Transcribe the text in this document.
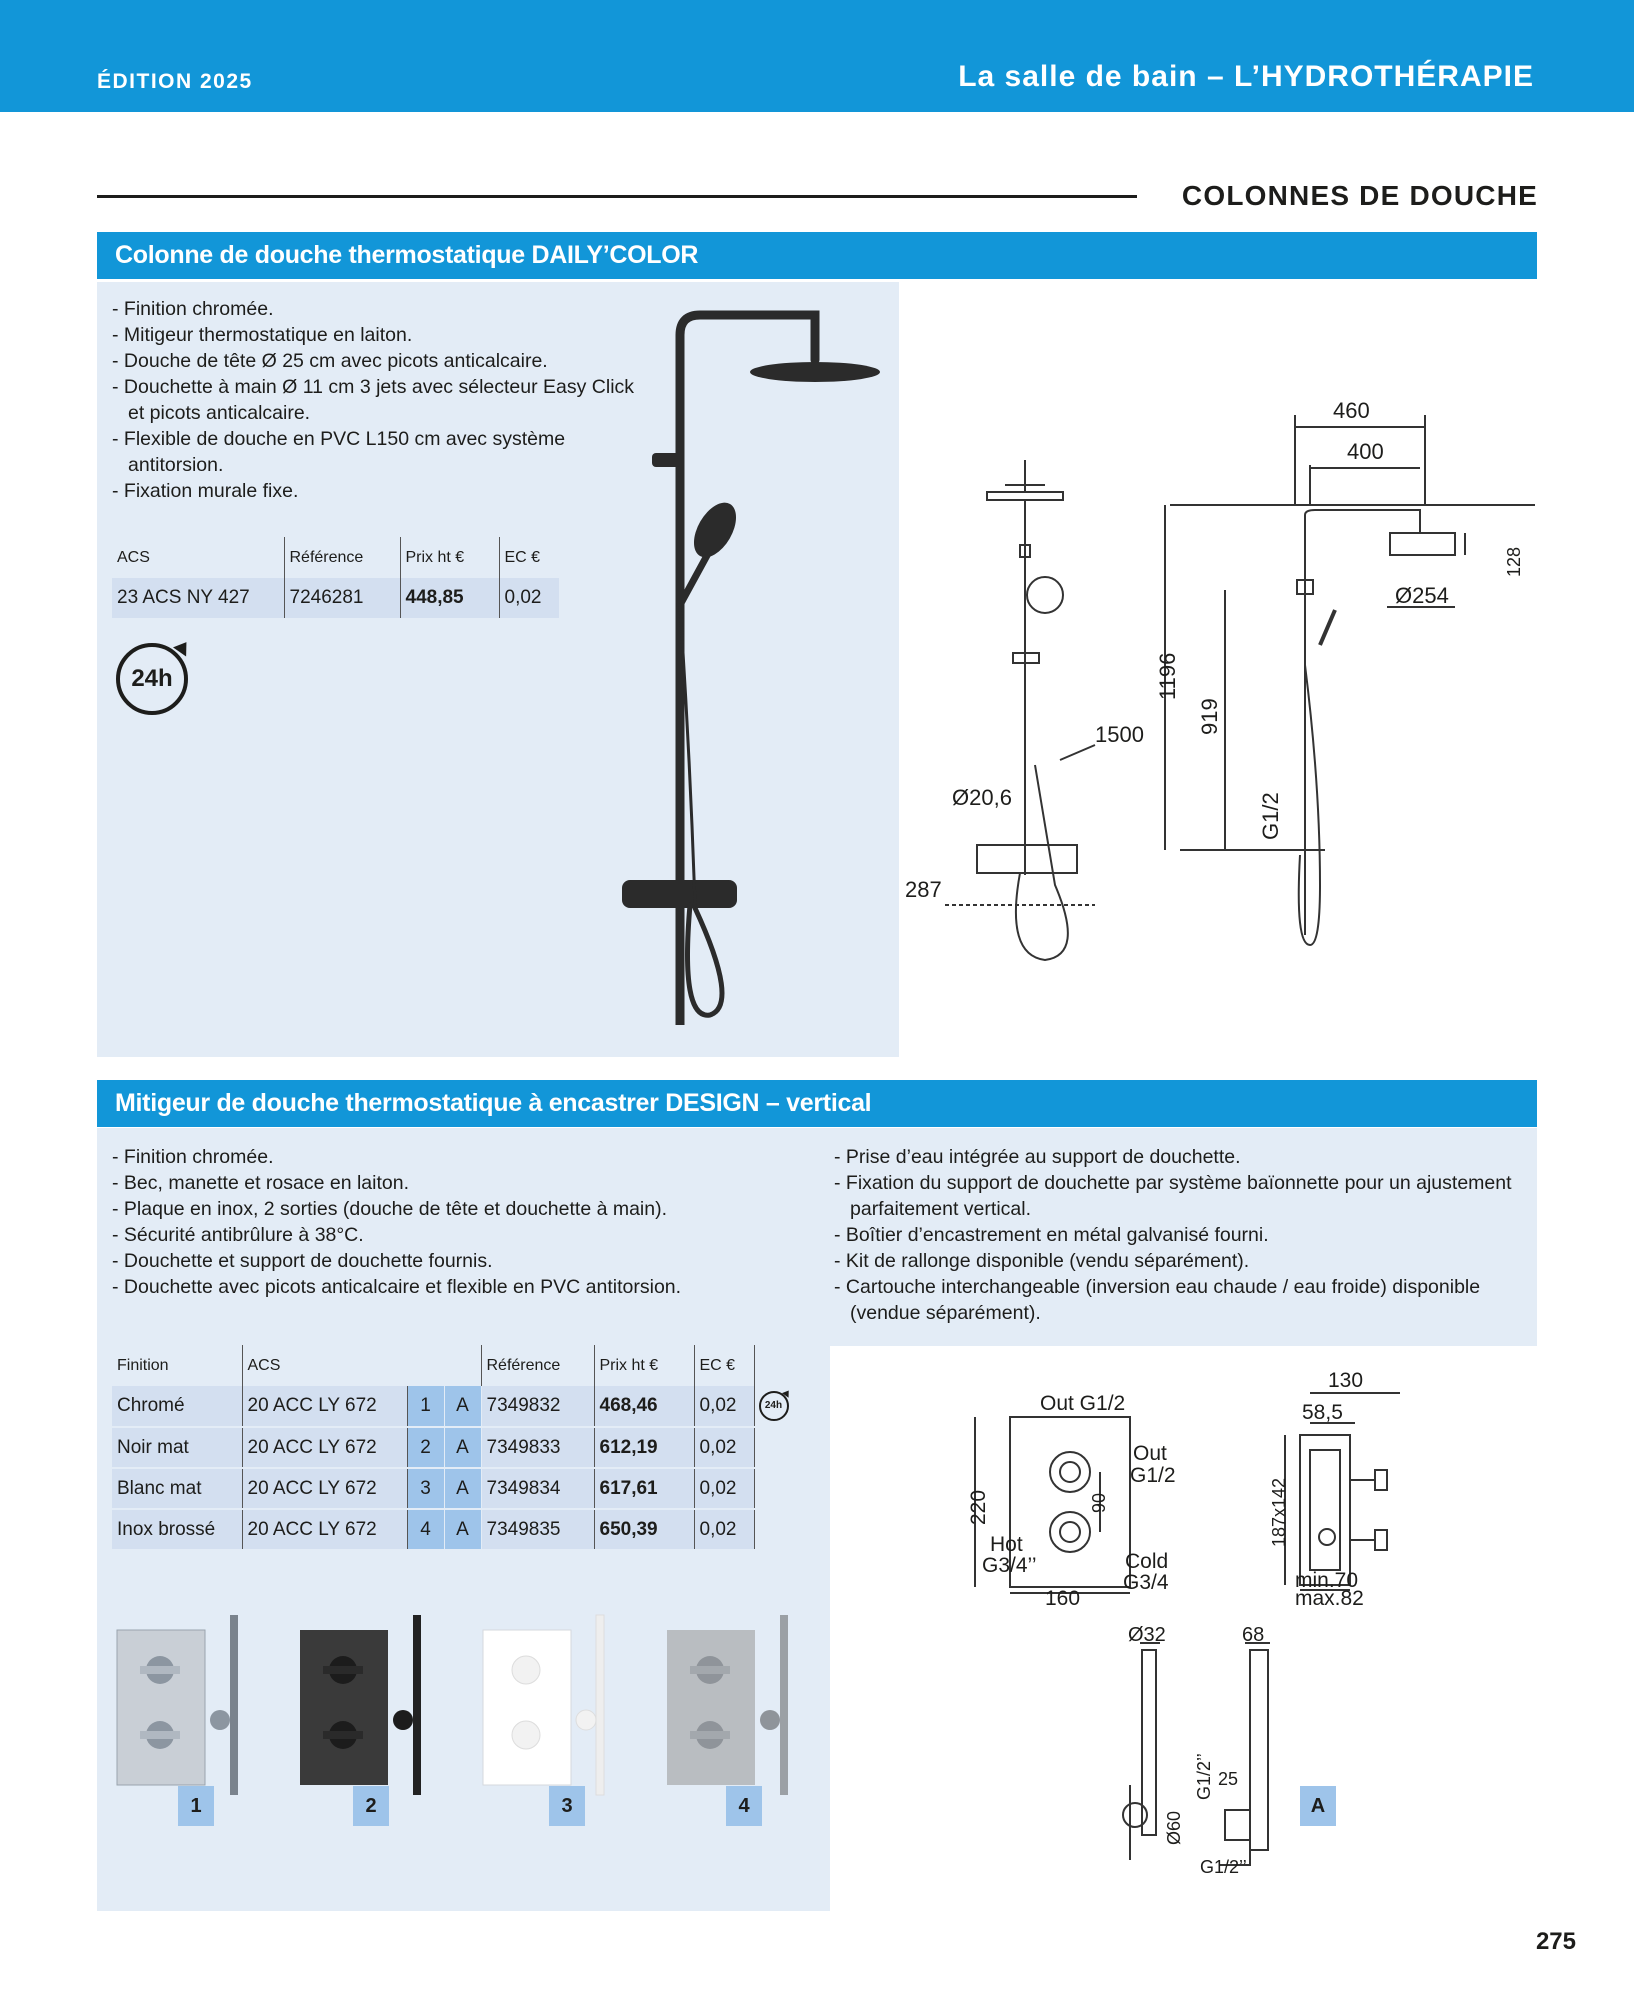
ÉDITION 2025	La salle de bain – L’HYDROTHÉRAPIE
COLONNES DE DOUCHE
Colonne de douche thermostatique DAILY’COLOR
- Finition chromée.
- Mitigeur thermostatique en laiton.
- Douche de tête Ø 25 cm avec picots anticalcaire.
- Douchette à main Ø 11 cm 3 jets avec sélecteur Easy Click et picots anticalcaire.
- Flexible de douche en PVC L150 cm avec système antitorsion.
- Fixation murale fixe.
ACS	Référence	Prix ht €	EC €
23 ACS NY 427	7246281	448,85	0,02
24h
460
400
Ø254
1500
Ø20,6
287
128
1196
919
G1/2
Mitigeur de douche thermostatique à encastrer DESIGN – vertical
- Finition chromée.
- Bec, manette et rosace en laiton.
- Plaque en inox, 2 sorties (douche de tête et douchette à main).
- Sécurité antibrûlure à 38°C.
- Douchette et support de douchette fournis.
- Douchette avec picots anticalcaire et flexible en PVC antitorsion.
- Prise d’eau intégrée au support de douchette.
- Fixation du support de douchette par système baïonnette pour un ajustement parfaitement vertical.
- Boîtier d’encastrement en métal galvanisé fourni.
- Kit de rallonge disponible (vendu séparément).
- Cartouche interchangeable (inversion eau chaude / eau froide) disponible (vendue séparément).
Finition	ACS			Référence	Prix ht €	EC €	
Chromé	20 ACC LY 672	1	A	7349832	468,46	0,02	24h

Noir mat	20 ACC LY 672	2	A	7349833	612,19	0,02	
Blanc mat	20 ACC LY 672	3	A	7349834	617,61	0,02	
Inox brossé	20 ACC LY 672	4	A	7349835	650,39	0,02	
1	2	3	4
Out G1/2
Out
G1/2
220	90
Hot
G3/4’’	Cold
G3/4
160
130
58,5
187x142
min.70
max.82
Ø32	68
G1/2’’ 25
Ø60
G1/2’’
A
275
